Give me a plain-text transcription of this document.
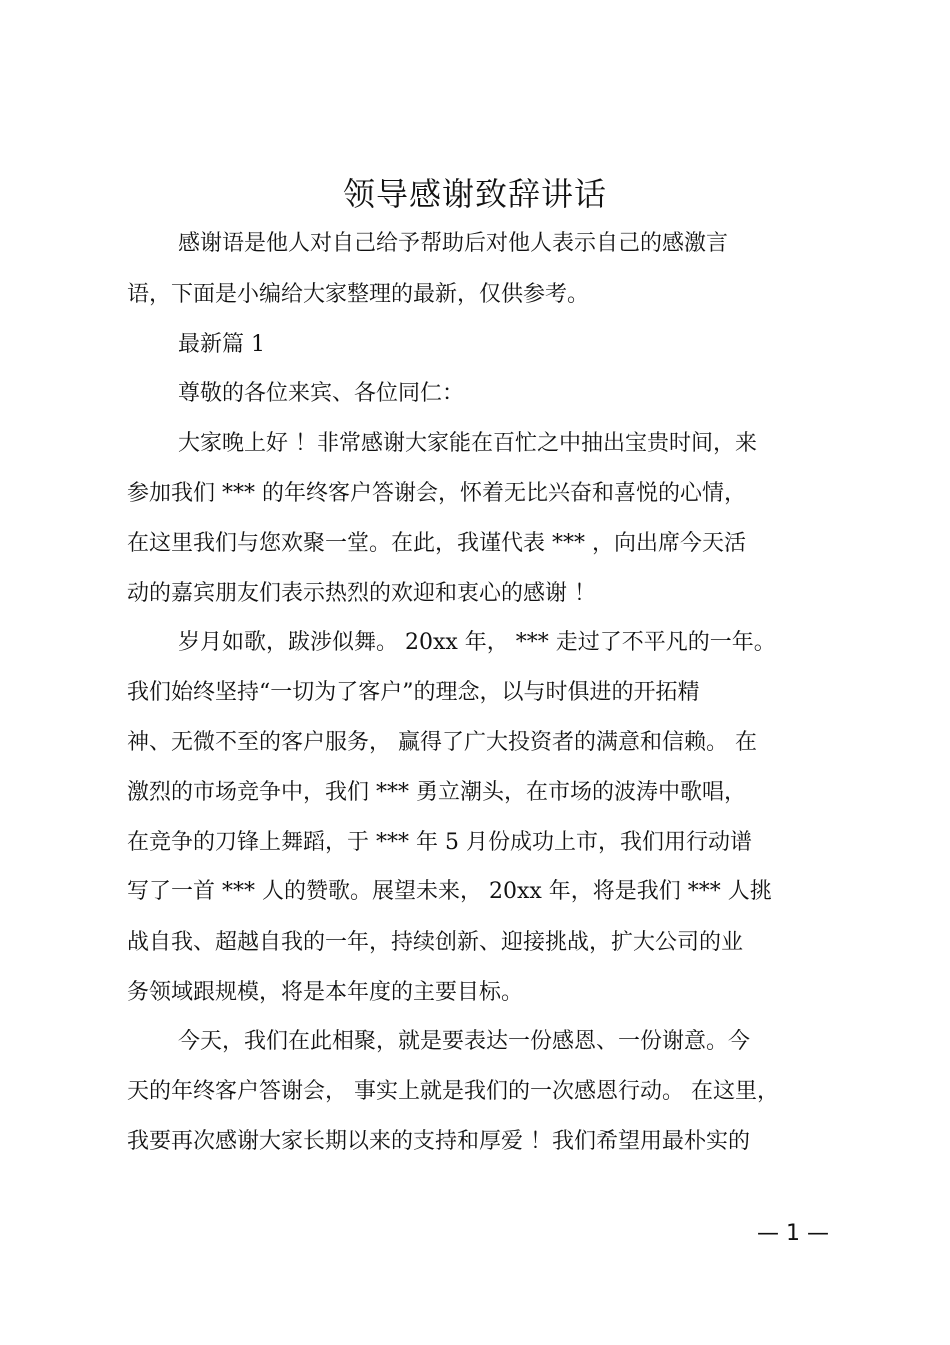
领导感谢致辞讲话
感谢语是他人对自己给予帮助后对他人表示自己的感激言
语，下面是小编给大家整理的最新，仅供参考。
最新篇 1
尊敬的各位来宾、各位同仁：
大家晚上好 ！非常感谢大家能在百忙之中抽出宝贵时间，来
参加我们 *** 的年终客户答谢会，怀着无比兴奋和喜悦的心情，
在这里我们与您欢聚一堂。在此，我谨代表 *** ，向出席今天活
动的嘉宾朋友们表示热烈的欢迎和衷心的感谢 ！
岁月如歌，跋涉似舞。 20xx 年， *** 走过了不平凡的一年。
我们始终坚持“一切为了客户”的理念，以与时俱进的开拓精
神、无微不至的客户服务， 赢得了广大投资者的满意和信赖。 在
激烈的市场竞争中，我们 *** 勇立潮头，在市场的波涛中歌唱，
在竞争的刀锋上舞蹈，于 *** 年 5 月份成功上市，我们用行动谱
写了一首 *** 人的赞歌。展望未来， 20xx 年，将是我们 *** 人挑
战自我、超越自我的一年，持续创新、迎接挑战，扩大公司的业
务领域跟规模，将是本年度的主要目标。
今天，我们在此相聚，就是要表达一份感恩、一份谢意。今
天的年终客户答谢会， 事实上就是我们的一次感恩行动。 在这里，
我要再次感谢大家长期以来的支持和厚爱 ！我们希望用最朴实的
— 1 —
